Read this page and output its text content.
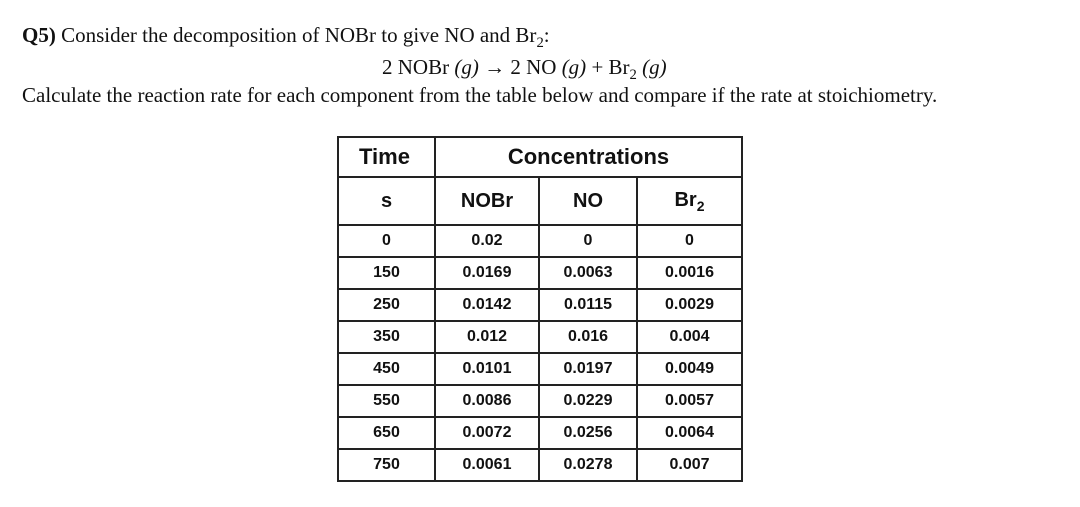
Q5) Consider the decomposition of NOBr to give NO and $Br_2$:
2 NOBr (g) → 2 NO $(g) + Br_2$ (g)
Calculate the reaction rate for each component from the table below and compare if the rate at stoichiometry.
Time	Concentrations		
s	NOBr	NO	$Br_2$
0	0.02	0	0
150	0.0169	0.0063	0.0016
250	0.0142	0.0115	0.0029
350	0.012	0.016	0.004
450	0.0101	0.0197	0.0049
550	0.0086	0.0229	0.0057
650	0.0072	0.0256	0.0064
750	0.0061	0.0278	0.007
